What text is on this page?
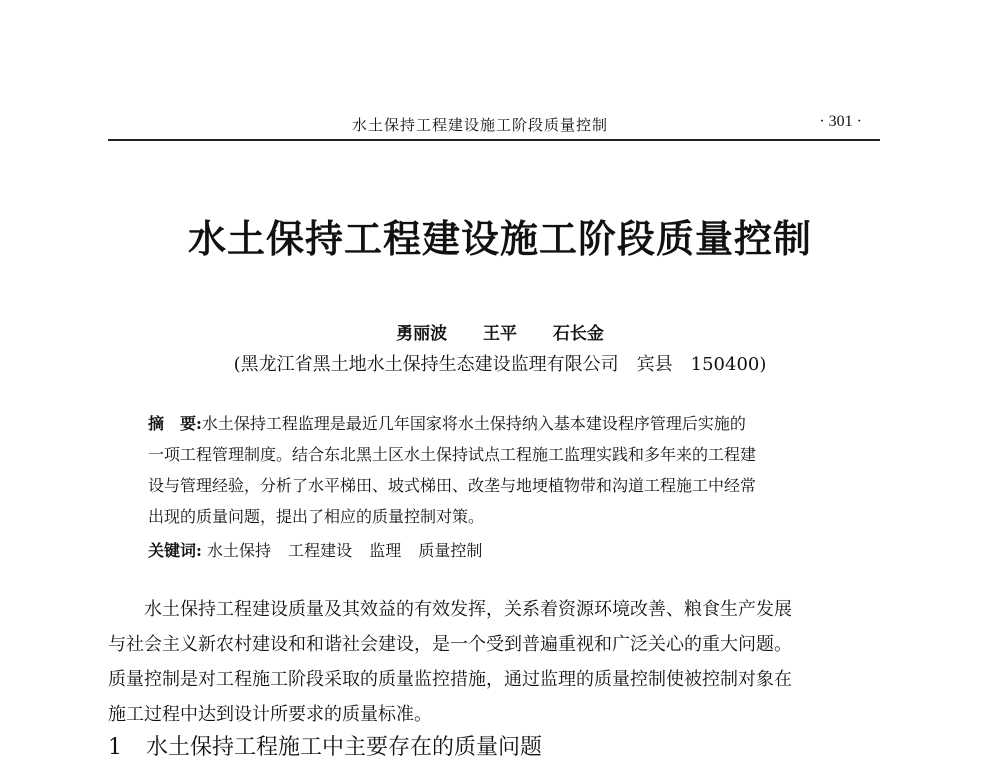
水土保持工程建设施工阶段质量控制	· 301 ·
水土保持工程建设施工阶段质量控制
勇丽波 王平 石长金
(黑龙江省黑土地水土保持生态建设监理有限公司　宾县　150400)
摘　要:水土保持工程监理是最近几年国家将水土保持纳入基本建设程序管理后实施的
一项工程管理制度。结合东北黑土区水土保持试点工程施工监理实践和多年来的工程建
设与管理经验，分析了水平梯田、坡式梯田、改垄与地埂植物带和沟道工程施工中经常
出现的质量问题，提出了相应的质量控制对策。
关键词: 水土保持 工程建设 监理 质量控制
水土保持工程建设质量及其效益的有效发挥，关系着资源环境改善、粮食生产发展
与社会主义新农村建设和和谐社会建设，是一个受到普遍重视和广泛关心的重大问题。
质量控制是对工程施工阶段采取的质量监控措施，通过监理的质量控制使被控制对象在
施工过程中达到设计所要求的质量标准。
1 水土保持工程施工中主要存在的质量问题
